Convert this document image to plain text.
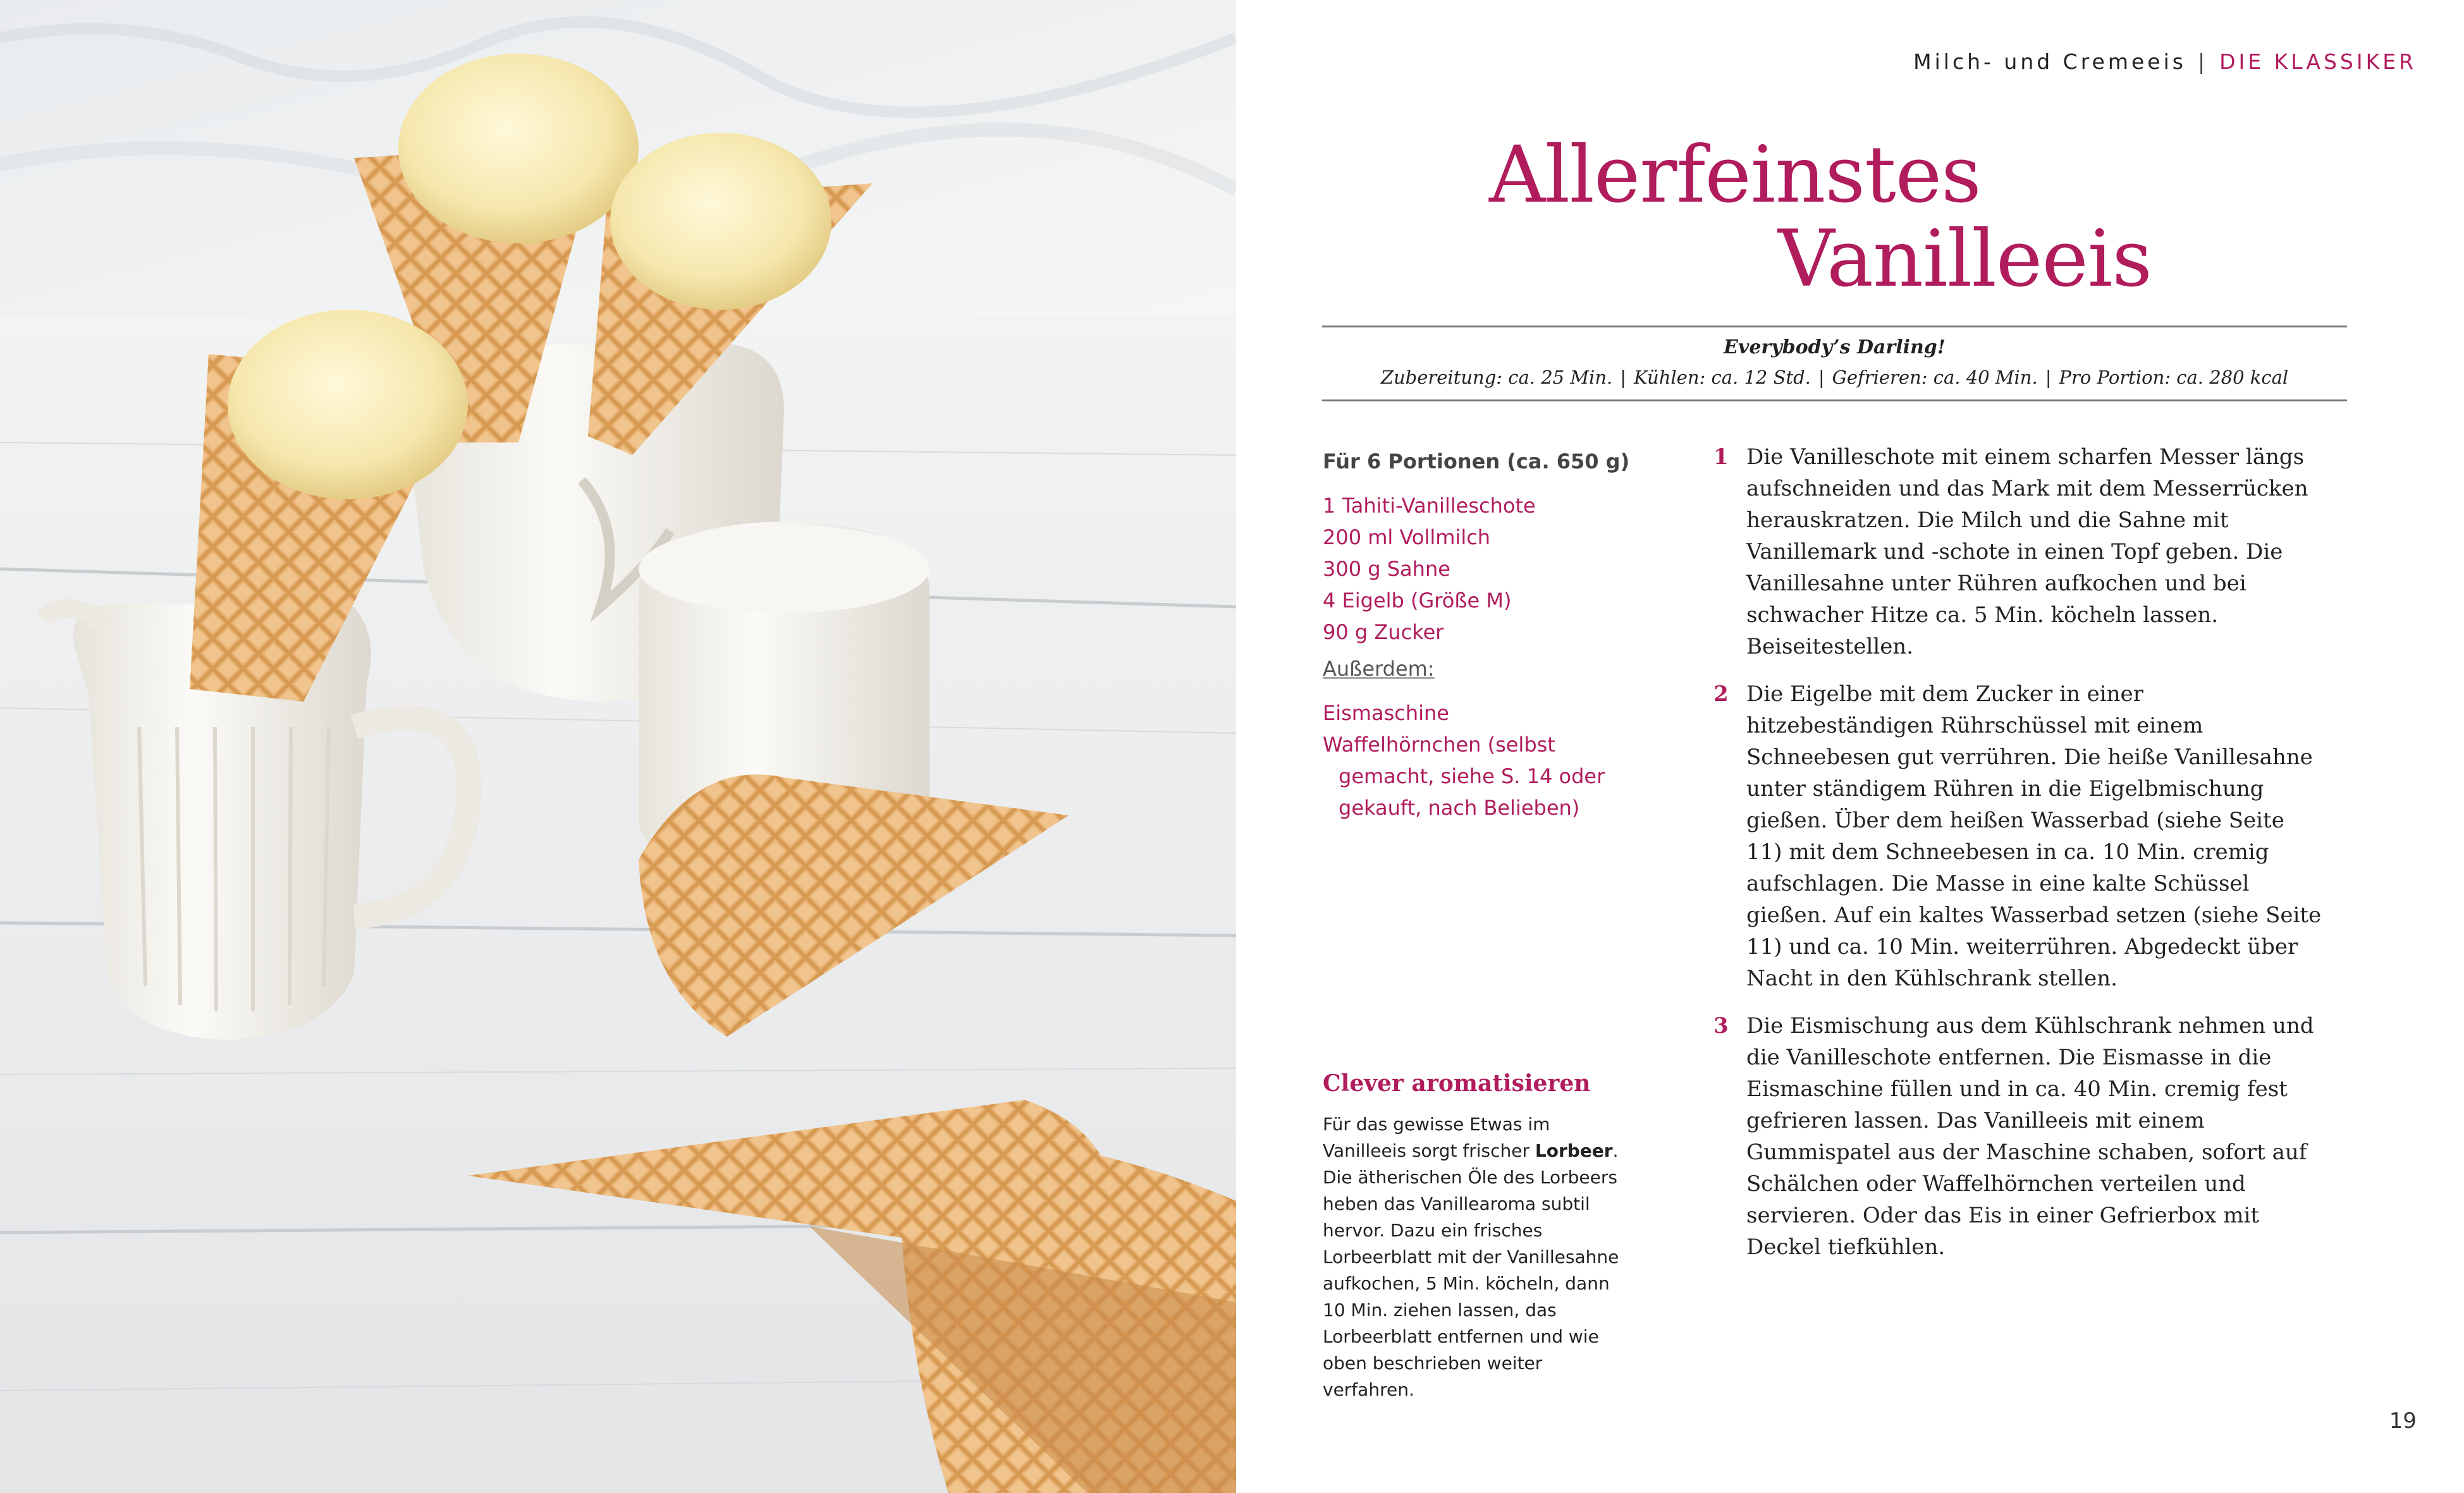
Milch- und Cremeeis | DIE KLASSIKER
Allerfeinstes
Vanilleeis
Everybody’s Darling!
Zubereitung: ca. 25 Min. | Kühlen: ca. 12 Std. | Gefrieren: ca. 40 Min. | Pro Portion: ca. 280 kcal
Für 6 Portionen (ca. 650 g)
1 Tahiti-Vanilleschote
200 ml Vollmilch
300 g Sahne
4 Eigelb (Größe M)
90 g Zucker
Außerdem:
Eismaschine
Waffelhörnchen (selbst gemacht, siehe S. 14 oder gekauft, nach Belieben)
Clever aromatisieren
Für das gewisse Etwas im Vanilleeis sorgt frischer Lorbeer. Die ätherischen Öle des Lorbeers heben das Vanillearoma subtil hervor. Dazu ein frisches Lorbeerblatt mit der Vanillesahne aufkochen, 5 Min. köcheln, dann 10 Min. ziehen lassen, das Lorbeerblatt entfernen und wie oben beschrieben weiter verfahren.
1 Die Vanilleschote mit einem scharfen Messer längs aufschneiden und das Mark mit dem Messerrücken herauskratzen. Die Milch und die Sahne mit Vanillemark und -schote in einen Topf geben. Die Vanillesahne unter Rühren aufkochen und bei schwacher Hitze ca. 5 Min. köcheln lassen. Beiseitestellen.
2 Die Eigelbe mit dem Zucker in einer hitzebeständigen Rührschüssel mit einem Schneebesen gut verrühren. Die heiße Vanillesahne unter ständigem Rühren in die Eigelbmischung gießen. Über dem heißen Wasserbad (siehe Seite 11) mit dem Schneebesen in ca. 10 Min. cremig aufschlagen. Die Masse in eine kalte Schüssel gießen. Auf ein kaltes Wasserbad setzen (siehe Seite 11) und ca. 10 Min. weiterrühren. Abgedeckt über Nacht in den Kühlschrank stellen.
3 Die Eismischung aus dem Kühlschrank nehmen und die Vanilleschote entfernen. Die Eismasse in die Eismaschine füllen und in ca. 40 Min. cremig fest gefrieren lassen. Das Vanilleeis mit einem Gummispatel aus der Maschine schaben, sofort auf Schälchen oder Waffelhörnchen verteilen und servieren. Oder das Eis in einer Gefrierbox mit Deckel tiefkühlen.
19
